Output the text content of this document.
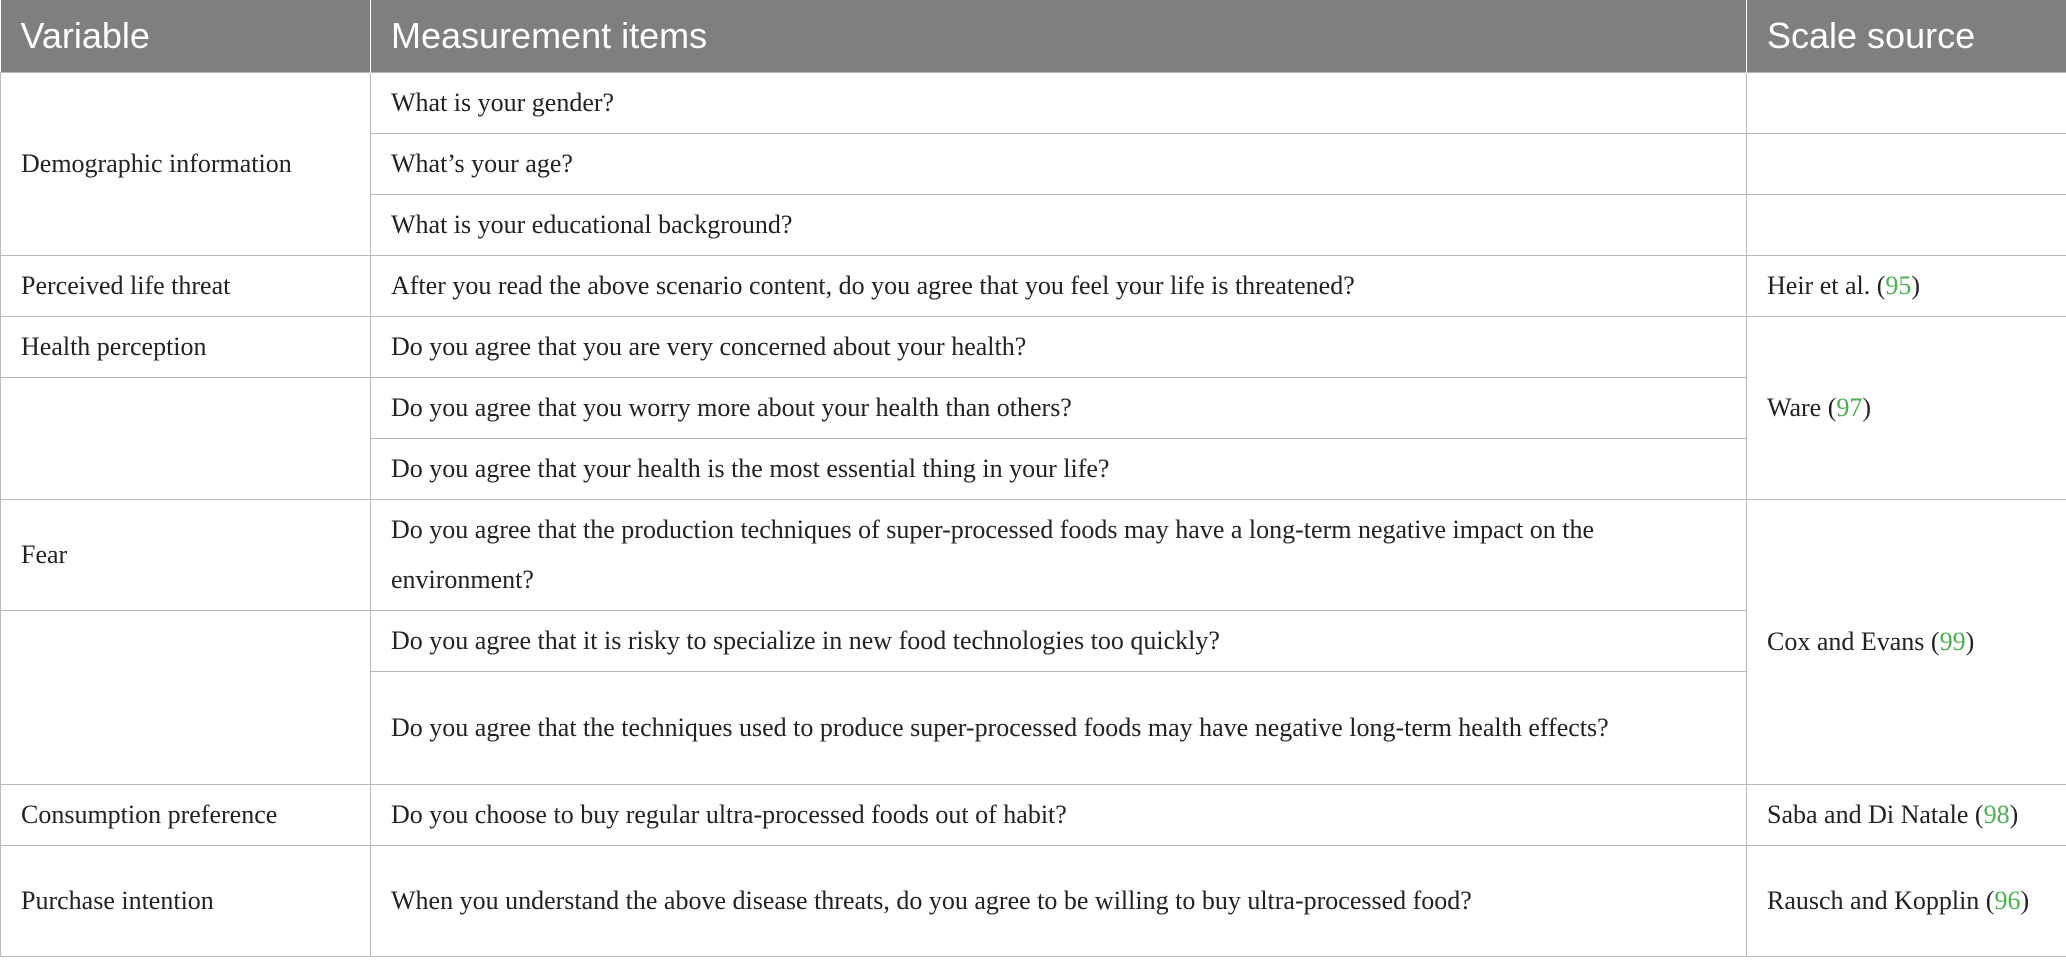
Variable	Measurement items	Scale source
Demographic information	What is your gender?	
	What’s your age?	
	What is your educational background?	
Perceived life threat	After you read the above scenario content, do you agree that you feel your life is threatened?	Heir et al. (95)
Health perception	Do you agree that you are very concerned about your health?	Ware (97)
	Do you agree that you worry more about your health than others?	
	Do you agree that your health is the most essential thing in your life?	
Fear	Do you agree that the production techniques of super-processed foods may have a long-term negative impact on the environment?	Cox and Evans (99)
	Do you agree that it is risky to specialize in new food technologies too quickly?	
	Do you agree that the techniques used to produce super-processed foods may have negative long-term health effects?	
Consumption preference	Do you choose to buy regular ultra-processed foods out of habit?	Saba and Di Natale (98)
Purchase intention	When you understand the above disease threats, do you agree to be willing to buy ultra-processed food?	Rausch and Kopplin (96)
